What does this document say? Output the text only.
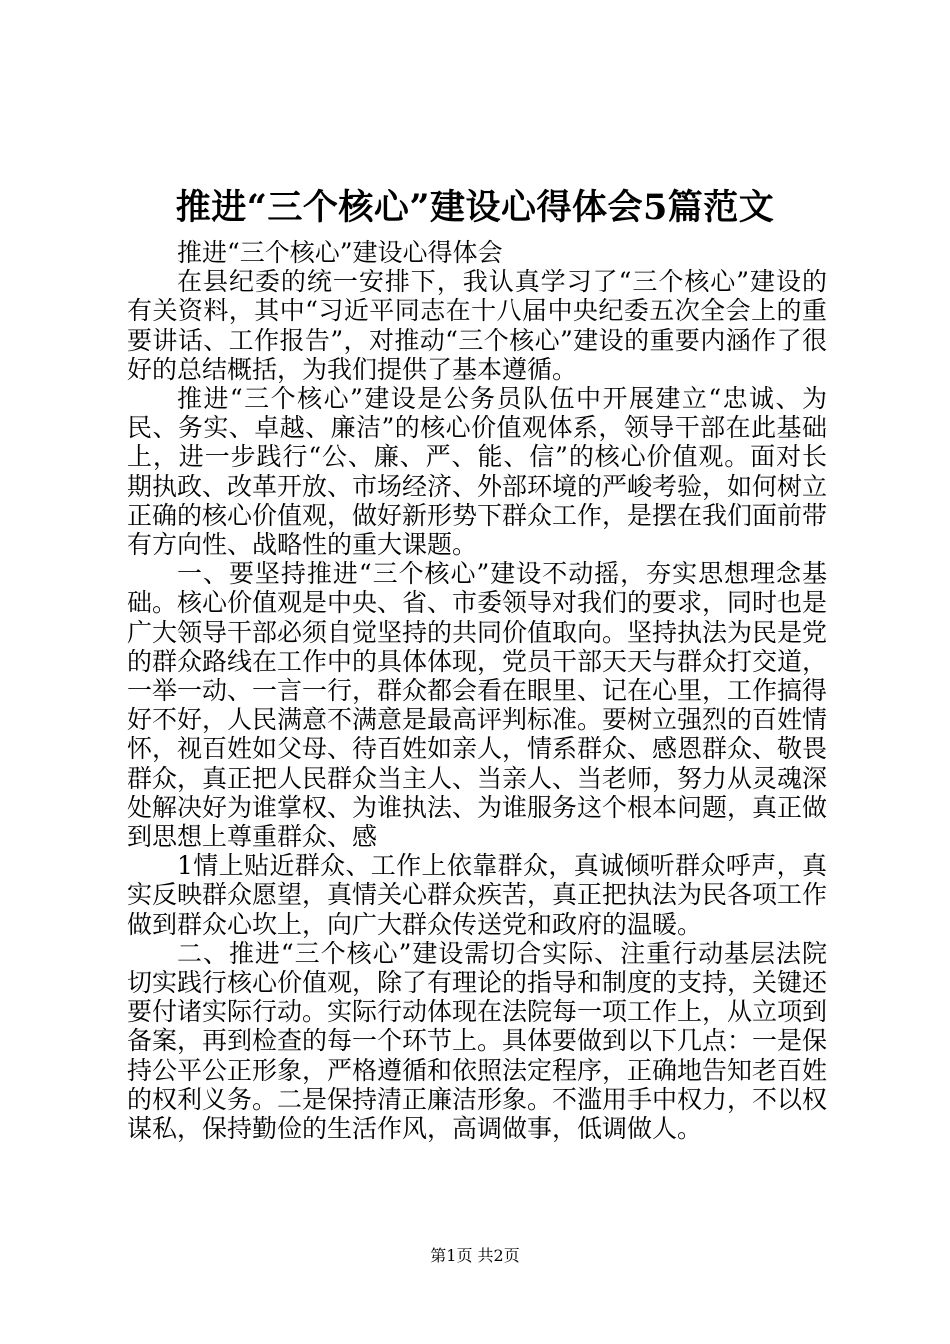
推进“三个核心”建设心得体会5篇范文

推进“三个核心”建设心得体会

在县纪委的统一安排下，我认真学习了“三个核心”建设的有关资料，其中“习近平同志在十八届中央纪委五次全会上的重要讲话、工作报告”，对推动“三个核心”建设的重要内涵作了很好的总结概括，为我们提供了基本遵循。

推进“三个核心”建设是公务员队伍中开展建立“忠诚、为民、务实、卓越、廉洁”的核心价值观体系，领导干部在此基础上，进一步践行“公、廉、严、能、信”的核心价值观。面对长期执政、改革开放、市场经济、外部环境的严峻考验，如何树立正确的核心价值观，做好新形势下群众工作，是摆在我们面前带有方向性、战略性的重大课题。

一、要坚持推进“三个核心”建设不动摇，夯实思想理念基础。核心价值观是中央、省、市委领导对我们的要求，同时也是广大领导干部必须自觉坚持的共同价值取向。坚持执法为民是党的群众路线在工作中的具体体现，党员干部天天与群众打交道，一举一动、一言一行，群众都会看在眼里、记在心里，工作搞得好不好，人民满意不满意是最高评判标准。要树立强烈的百姓情怀，视百姓如父母、待百姓如亲人，情系群众、感恩群众、敬畏群众，真正把人民群众当主人、当亲人、当老师，努力从灵魂深处解决好为谁掌权、为谁执法、为谁服务这个根本问题，真正做到思想上尊重群众、感

1情上贴近群众、工作上依靠群众，真诚倾听群众呼声，真实反映群众愿望，真情关心群众疾苦，真正把执法为民各项工作做到群众心坎上，向广大群众传送党和政府的温暖。

二、推进“三个核心”建设需切合实际、注重行动基层法院切实践行核心价值观，除了有理论的指导和制度的支持，关键还要付诸实际行动。实际行动体现在法院每一项工作上，从立项到备案，再到检查的每一个环节上。具体要做到以下几点：一是保持公平公正形象，严格遵循和依照法定程序，正确地告知老百姓的权利义务。二是保持清正廉洁形象。不滥用手中权力，不以权谋私，保持勤俭的生活作风，高调做事，低调做人。

第1页 共2页
